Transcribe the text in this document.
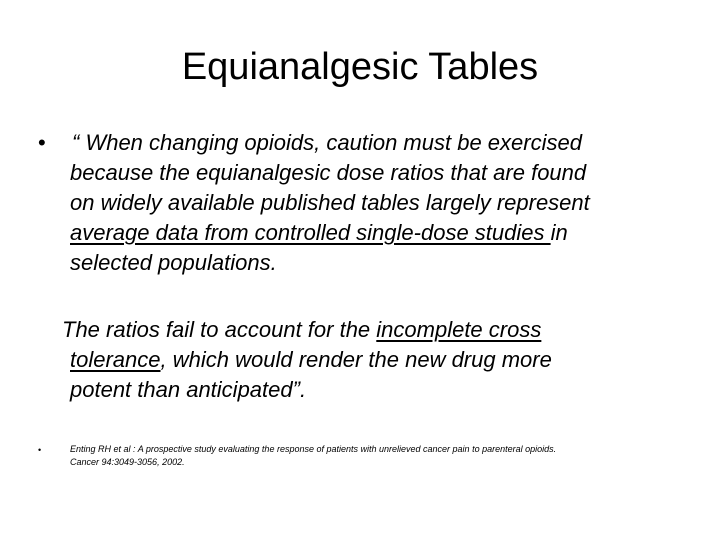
Equianalgesic Tables
• “ When changing opioids, caution must be exercised
because the equianalgesic dose ratios that are found
on widely available published tables largely represent
average data from controlled single-dose studies in
selected populations.

The ratios fail to account for the incomplete cross
tolerance, which would render the new drug more
potent than anticipated”.

•	Enting RH et al : A prospective study evaluating the response of patients with unrelieved cancer pain to parenteral opioids.
Cancer 94:3049-3056, 2002.
